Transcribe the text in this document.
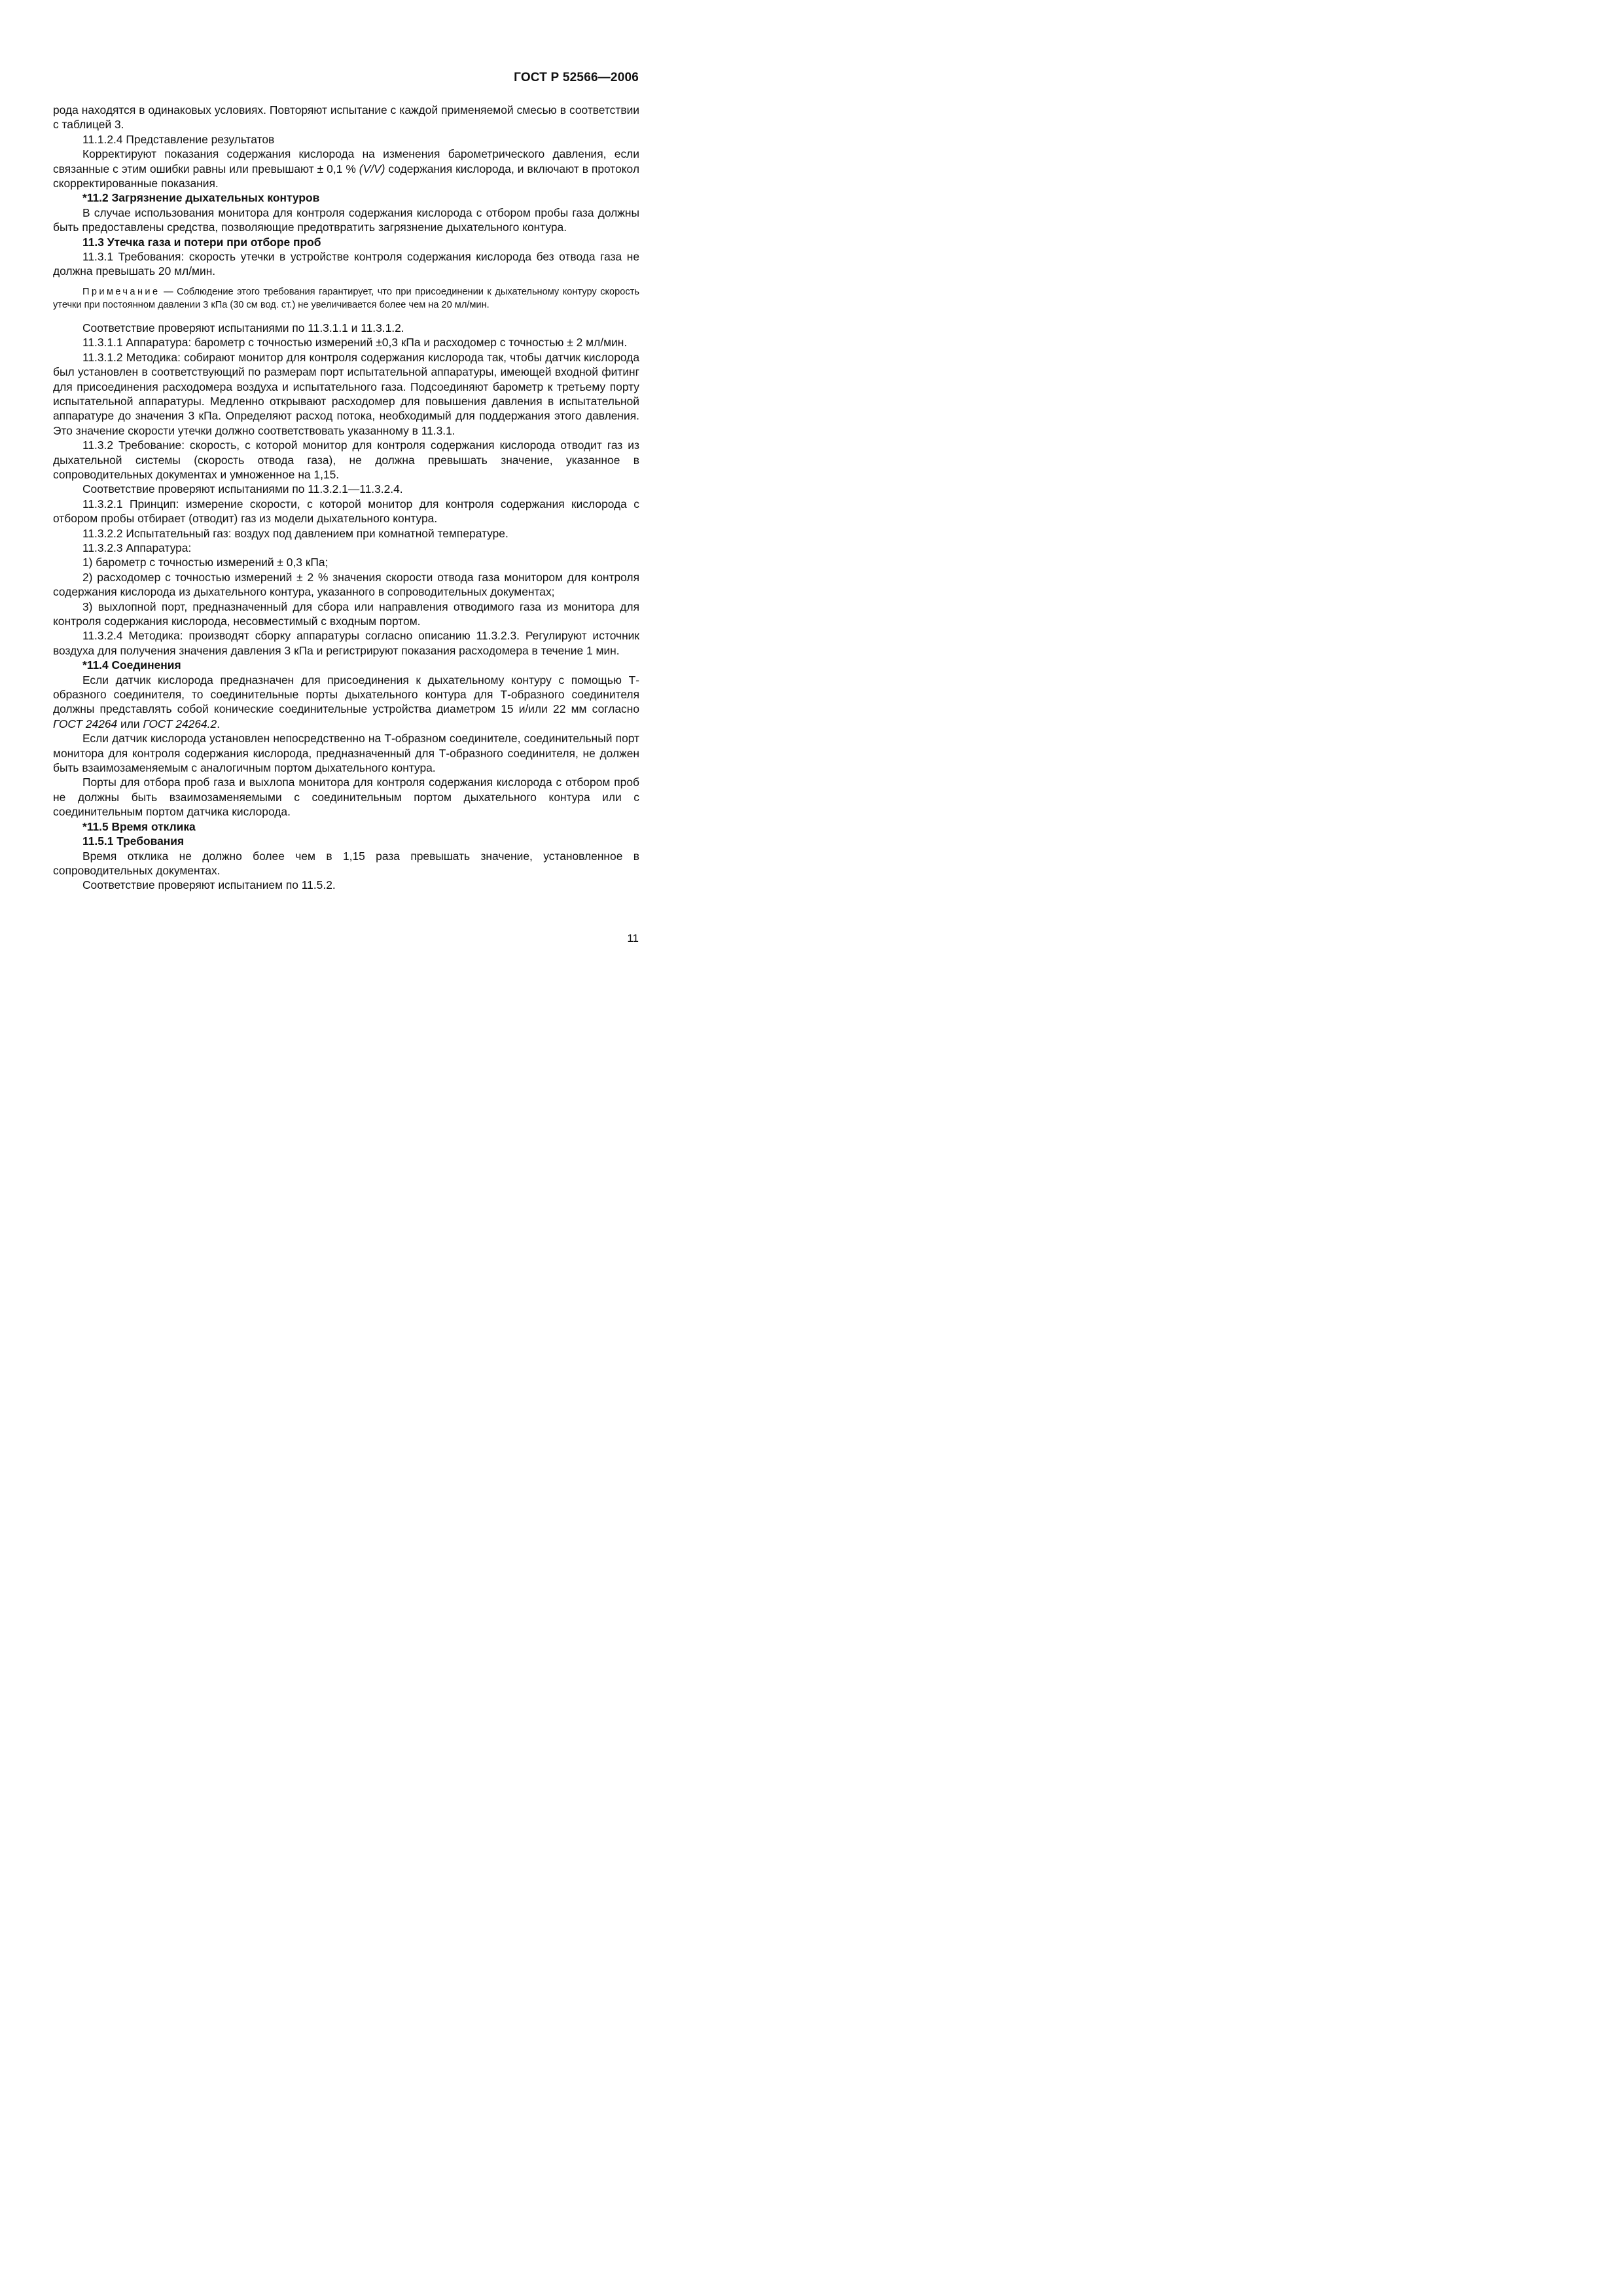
ГОСТ Р 52566—2006

рода находятся в одинаковых условиях. Повторяют испытание с каждой применяемой смесью в соответствии с таблицей 3.

11.1.2.4 Представление результатов

Корректируют показания содержания кислорода на изменения барометрического давления, если связанные с этим ошибки равны или превышают ± 0,1 % (V/V) содержания кислорода, и включают в протокол скорректированные показания.

*11.2 Загрязнение дыхательных контуров

В случае использования монитора для контроля содержания кислорода с отбором пробы газа должны быть предоставлены средства, позволяющие предотвратить загрязнение дыхательного контура.

11.3 Утечка газа и потери при отборе проб

11.3.1 Требования: скорость утечки в устройстве контроля содержания кислорода без отвода газа не должна превышать 20 мл/мин.

Примечание — Соблюдение этого требования гарантирует, что при присоединении к дыхательному контуру скорость утечки при постоянном давлении 3 кПа (30 см вод. ст.) не увеличивается более чем на 20 мл/мин.

Соответствие проверяют испытаниями по 11.3.1.1 и 11.3.1.2.

11.3.1.1 Аппаратура: барометр с точностью измерений ±0,3 кПа и расходомер с точностью ± 2 мл/мин.

11.3.1.2 Методика: собирают монитор для контроля содержания кислорода так, чтобы датчик кислорода был установлен в соответствующий по размерам порт испытательной аппаратуры, имеющей входной фитинг для присоединения расходомера воздуха и испытательного газа. Подсоединяют барометр к третьему порту испытательной аппаратуры. Медленно открывают расходомер для повышения давления в испытательной аппаратуре до значения 3 кПа. Определяют расход потока, необходимый для поддержания этого давления. Это значение скорости утечки должно соответствовать указанному в 11.3.1.

11.3.2 Требование: скорость, с которой монитор для контроля содержания кислорода отводит газ из дыхательной системы (скорость отвода газа), не должна превышать значение, указанное в сопроводительных документах и умноженное на 1,15.

Соответствие проверяют испытаниями по 11.3.2.1—11.3.2.4.

11.3.2.1 Принцип: измерение скорости, с которой монитор для контроля содержания кислорода с отбором пробы отбирает (отводит) газ из модели дыхательного контура.

11.3.2.2 Испытательный газ: воздух под давлением при комнатной температуре.

11.3.2.3 Аппаратура:

1) барометр с точностью измерений ± 0,3 кПа;

2) расходомер с точностью измерений ± 2 % значения скорости отвода газа монитором для контроля содержания кислорода из дыхательного контура, указанного в сопроводительных документах;

3) выхлопной порт, предназначенный для сбора или направления отводимого газа из монитора для контроля содержания кислорода, несовместимый с входным портом.

11.3.2.4 Методика: производят сборку аппаратуры согласно описанию 11.3.2.3. Регулируют источник воздуха для получения значения давления 3 кПа и регистрируют показания расходомера в течение 1 мин.

*11.4 Соединения

Если датчик кислорода предназначен для присоединения к дыхательному контуру с помощью Т-образного соединителя, то соединительные порты дыхательного контура для Т-образного соединителя должны представлять собой конические соединительные устройства диаметром 15 и/или 22 мм согласно ГОСТ 24264 или ГОСТ 24264.2.

Если датчик кислорода установлен непосредственно на Т-образном соединителе, соединительный порт монитора для контроля содержания кислорода, предназначенный для Т-образного соединителя, не должен быть взаимозаменяемым с аналогичным портом дыхательного контура.

Порты для отбора проб газа и выхлопа монитора для контроля содержания кислорода с отбором проб не должны быть взаимозаменяемыми с соединительным портом дыхательного контура или с соединительным портом датчика кислорода.

*11.5 Время отклика

11.5.1 Требования

Время отклика не должно более чем в 1,15 раза превышать значение, установленное в сопроводительных документах.

Соответствие проверяют испытанием по 11.5.2.

11
